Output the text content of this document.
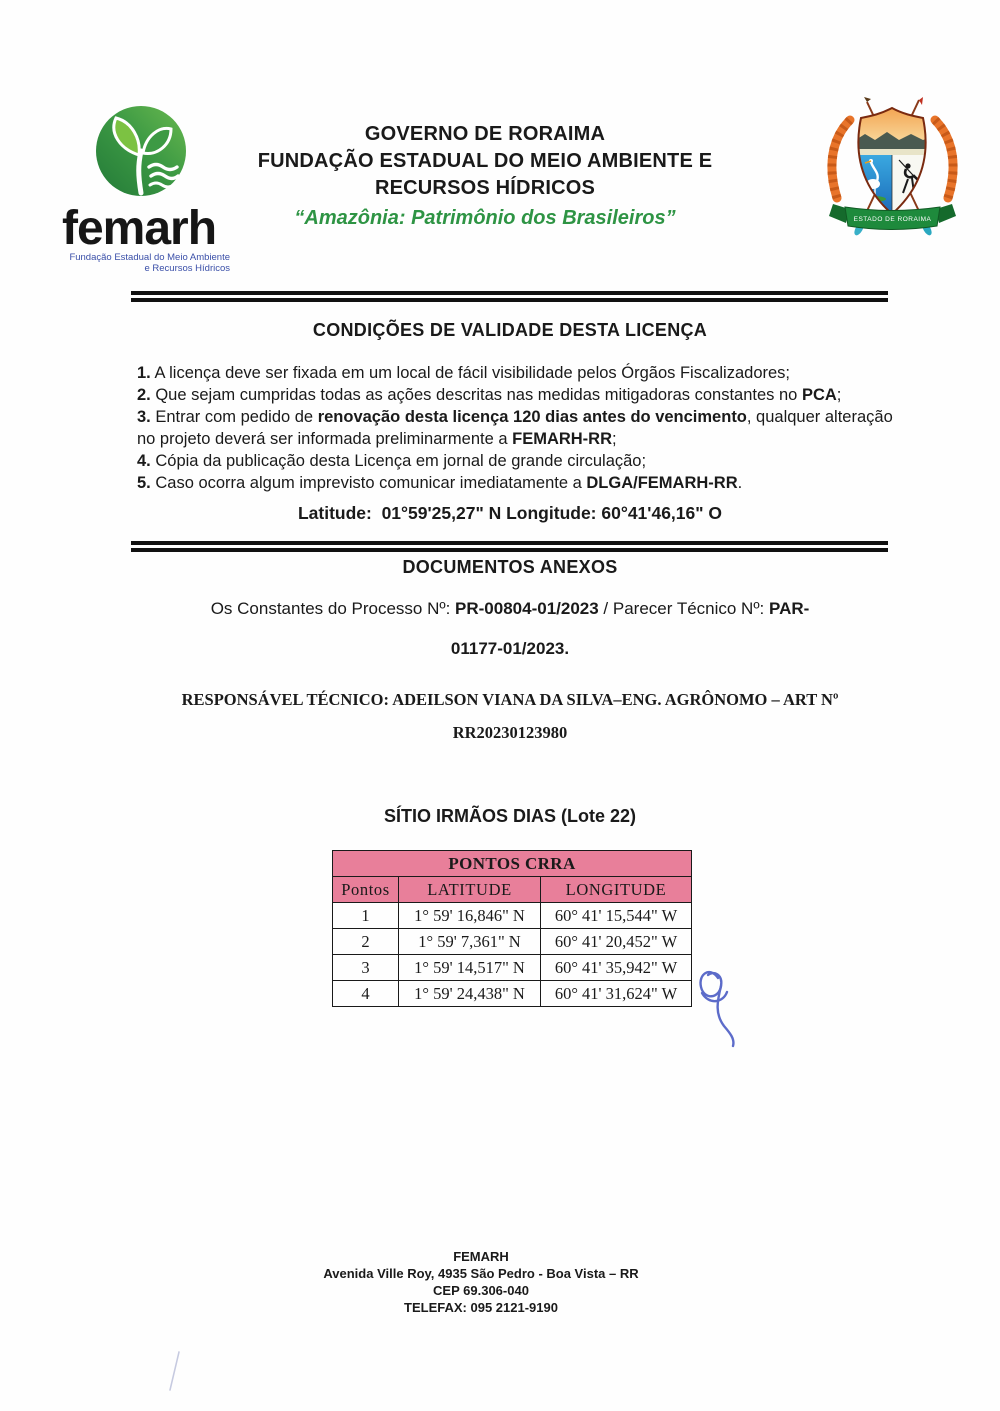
femarh
Fundação Estadual do Meio Ambiente
e Recursos Hídricos
GOVERNO DE RORAIMA
FUNDAÇÃO ESTADUAL DO MEIO AMBIENTE E
RECURSOS HÍDRICOS
“Amazônia: Patrimônio dos Brasileiros”	ESTADO DE RORAIMA
CONDIÇÕES DE VALIDADE DESTA LICENÇA

1. A licença deve ser fixada em um local de fácil visibilidade pelos Órgãos Fiscalizadores;

2. Que sejam cumpridas todas as ações descritas nas medidas mitigadoras constantes no PCA;

3. Entrar com pedido de renovação desta licença 120 dias antes do vencimento, qualquer alteração no projeto deverá ser informada preliminarmente a FEMARH-RR;

4. Cópia da publicação desta Licença em jornal de grande circulação;

5. Caso ocorra algum imprevisto comunicar imediatamente a DLGA/FEMARH-RR.

Latitude:  01°59'25,27" N Longitude: 60°41'46,16" O
DOCUMENTOS ANEXOS
Os Constantes do Processo Nº: PR-00804-01/2023 / Parecer Técnico Nº: PAR-
01177-01/2023.
RESPONSÁVEL TÉCNICO: ADEILSON VIANA DA SILVA–ENG. AGRÔNOMO – ART Nº
RR20230123980
SÍTIO IRMÃOS DIAS (Lote 22)
PONTOS CRRA		
Pontos	LATITUDE	LONGITUDE
1	1° 59' 16,846" N	60° 41' 15,544" W
2	1° 59' 7,361" N	60° 41' 20,452" W
3	1° 59' 14,517" N	60° 41' 35,942" W
4	1° 59' 24,438" N	60° 41' 31,624" W
FEMARH
Avenida Ville Roy, 4935 São Pedro - Boa Vista – RR
CEP 69.306-040
TELEFAX: 095 2121-9190
